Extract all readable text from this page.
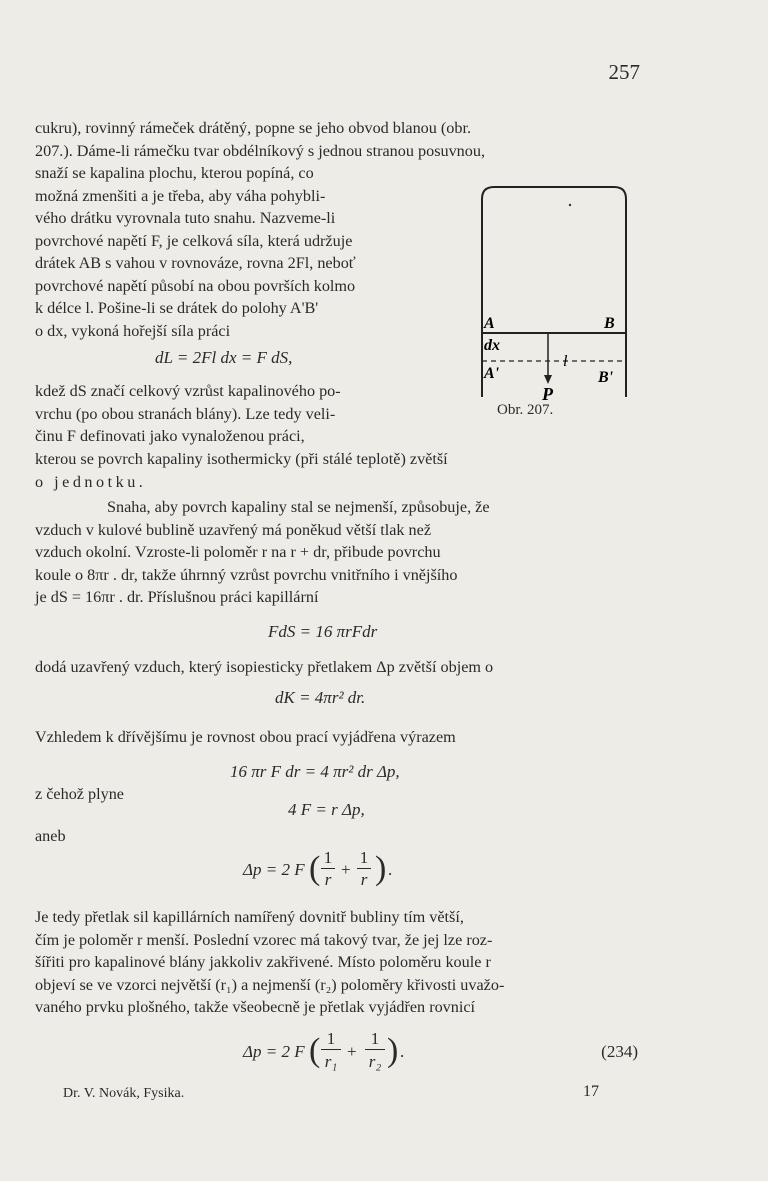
257
cukru), rovinný rámeček drátěný, popne se jeho obvod blanou (obr.
207.). Dáme-li rámečku tvar obdélníkový s jednou stranou posuvnou,
snaží se kapalina plochu, kterou popíná, co
možná zmenšiti a je třeba, aby váha pohybli-
vého drátku vyrovnala tuto snahu. Nazveme-li
povrchové napětí F, je celková síla, která udržuje
drátek AB s vahou v rovnováze, rovna 2Fl, neboť
povrchové napětí působí na obou površích kolmo
k délce l. Pošine-li se drátek do polohy A'B'
o dx, vykoná hořejší síla práci
dL = 2Fl dx = F dS,
kdež dS značí celkový vzrůst kapalinového po-
vrchu (po obou stranách blány). Lze tedy veli-
činu F definovati jako vynaloženou práci,
kterou se povrch kapaliny isothermicky (při stálé teplotě) zvětší
o jednotku.
A	B
dx
A'	B'
l
P
Obr. 207.
Snaha, aby povrch kapaliny stal se nejmenší, způsobuje, že
vzduch v kulové bublině uzavřený má poněkud větší tlak než
vzduch okolní. Vzroste-li poloměr r na r + dr, přibude povrchu
koule o 8πr . dr, takže úhrnný vzrůst povrchu vnitřního i vnějšího
je dS = 16πr . dr. Příslušnou práci kapillární
FdS = 16 πrFdr
dodá uzavřený vzduch, který isopiesticky přetlakem Δp zvětší objem o
dK = 4πr² dr.
Vzhledem k dřívějšímu je rovnost obou prací vyjádřena výrazem
16 πr F dr = 4 πr² dr Δp,
z čehož plyne
4 F = r Δp,
aneb
Δp = 2 F ( 1
r
+
1
r ) .
Je tedy přetlak sil kapillárních namířený dovnitř bubliny tím větší,
čím je poloměr r menší. Poslední vzorec má takový tvar, že jej lze roz-
šířiti pro kapalinové blány jakkoliv zakřivené. Místo poloměru koule r
objeví se ve vzorci největší (r₁) a nejmenší (r₂) poloměry křivosti uvažo-
vaného prvku plošného, takže všeobecně je přetlak vyjádřen rovnicí
Δp = 2 F ( 1
r₁
+
1
r₂ ) .	(234)
Dr. V. Novák, Fysika.	17
